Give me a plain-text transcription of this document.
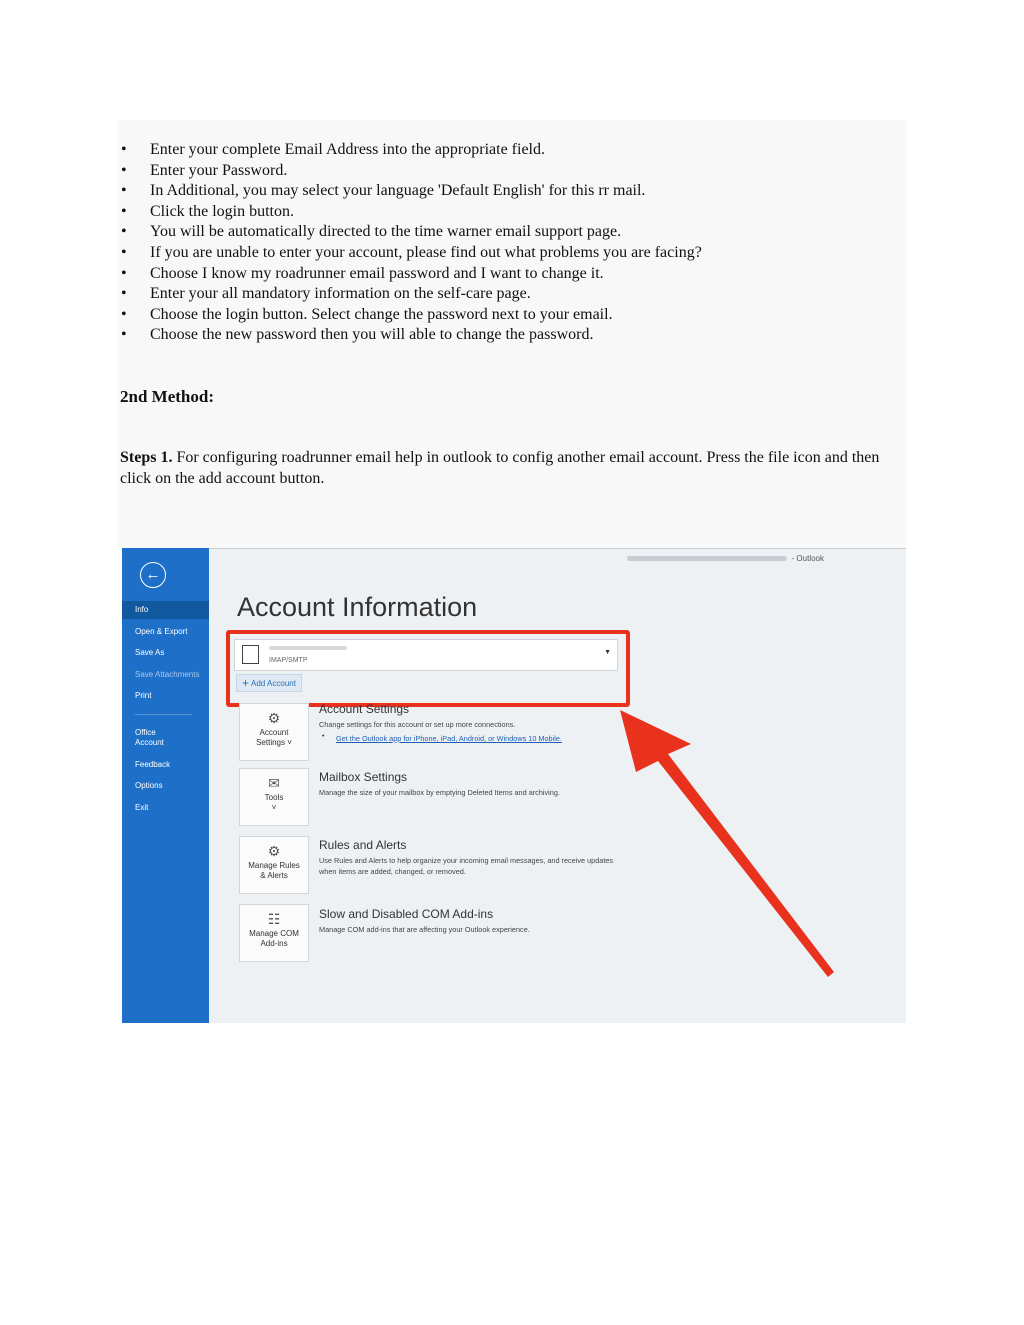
• Enter your complete Email Address into the appropriate field.
• Enter your Password.
• In Additional, you may select your language 'Default English' for this rr mail.
• Click the login button.
• You will be automatically directed to the time warner email support page.
• If you are unable to enter your account, please find out what problems you are facing?
• Choose I know my roadrunner email password and I want to change it.
• Enter your all mandatory information on the self-care page.
• Choose the login button. Select change the password next to your email.
• Choose the new password then you will able to change the password.
2nd Method:
Steps 1. For configuring roadrunner email help in outlook to config another email account. Press the file icon and then click on the add account button.
←
Info
Open & Export
Save As
Save Attachments
Print
Office
Account
Feedback
Options
Exit
- Outlook
Account Information
IMAP/SMTP
▼
+ Add Account
⚙
Account
Settings ˅
Account Settings
Change settings for this account or set up more connections.
• Get the Outlook app for iPhone, iPad, Android, or Windows 10 Mobile.
✉
Tools
˅
Mailbox Settings
Manage the size of your mailbox by emptying Deleted Items and archiving.
⚙
Manage Rules
& Alerts
Rules and Alerts
Use Rules and Alerts to help organize your incoming email messages, and receive updates when items are added, changed, or removed.
☷
Manage COM
Add-ins
Slow and Disabled COM Add-ins
Manage COM add-ins that are affecting your Outlook experience.
